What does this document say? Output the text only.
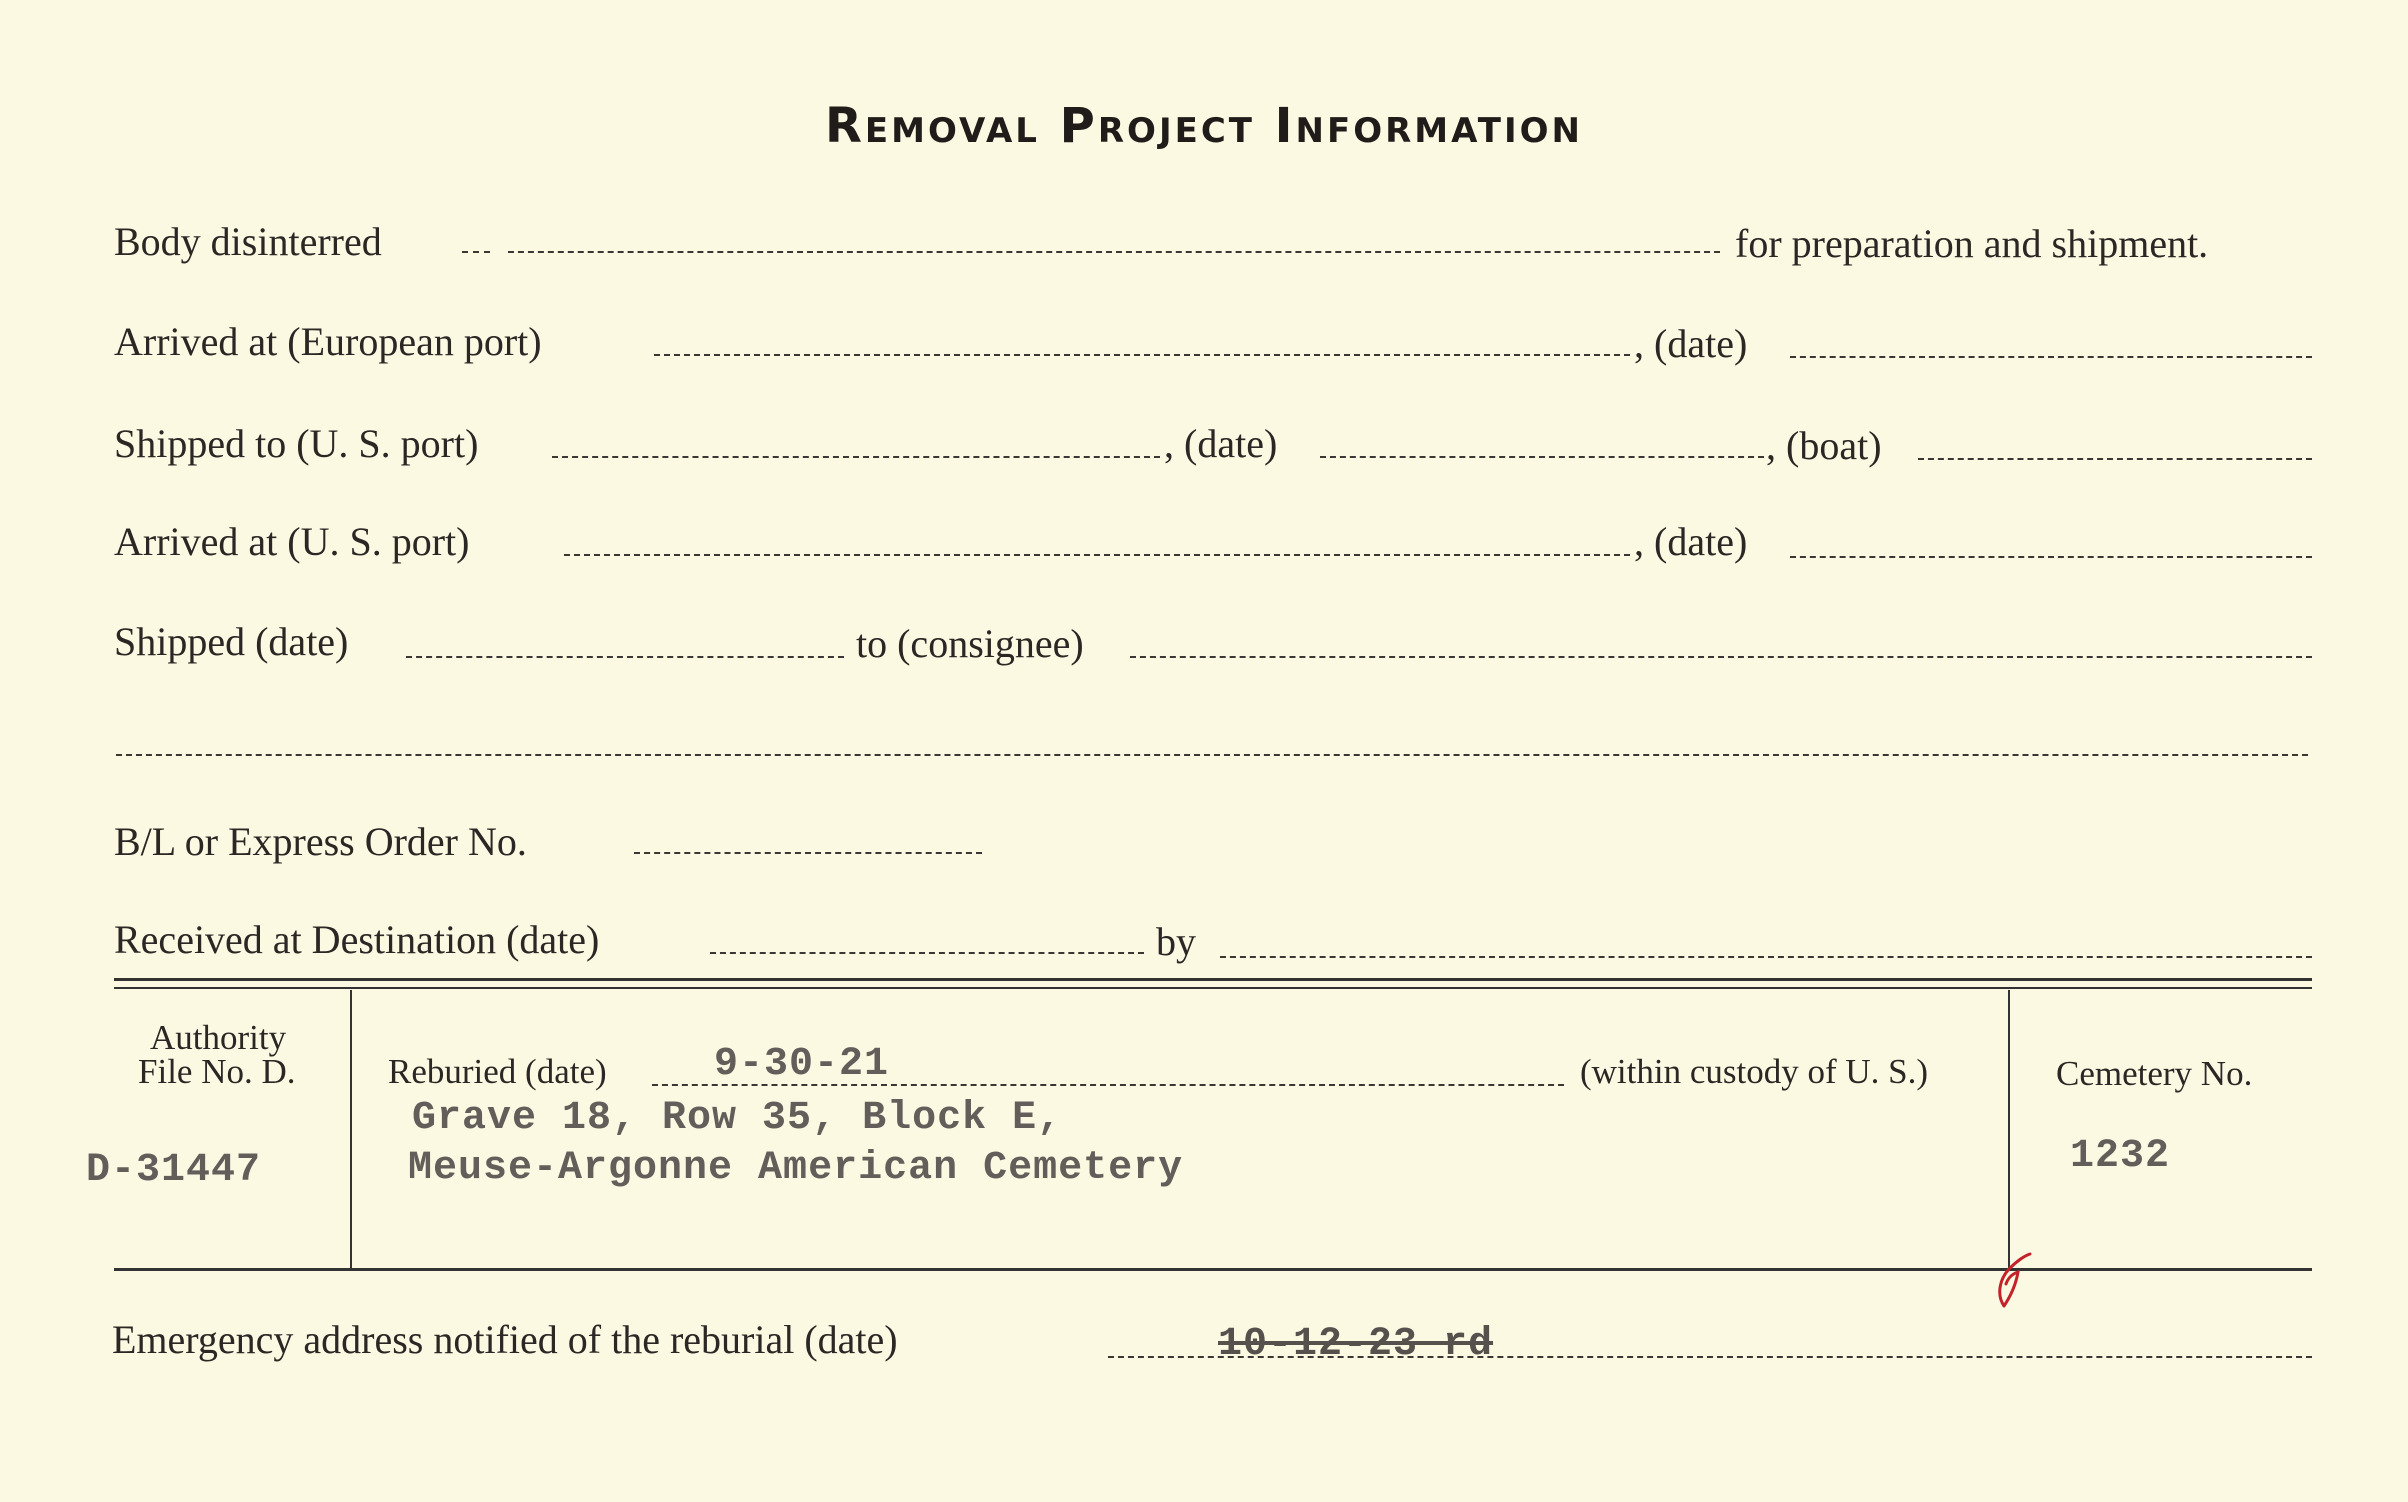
Removal Project Information
Body disinterred	for preparation and shipment.
Arrived at (European port)	, (date)
Shipped to (U. S. port)	, (date)	, (boat)
Arrived at (U. S. port)	, (date)
Shipped (date)	to (consignee)
B/L or Express Order No.
Received at Destination (date)	by
Authority
File No. D.
D-31447
Reburied (date)	9-30-21	(within custody of U. S.)
Grave 18, Row 35, Block E,
Meuse-Argonne American Cemetery
Cemetery No.
1232
Emergency address notified of the reburial (date)	10-12-23 rd
